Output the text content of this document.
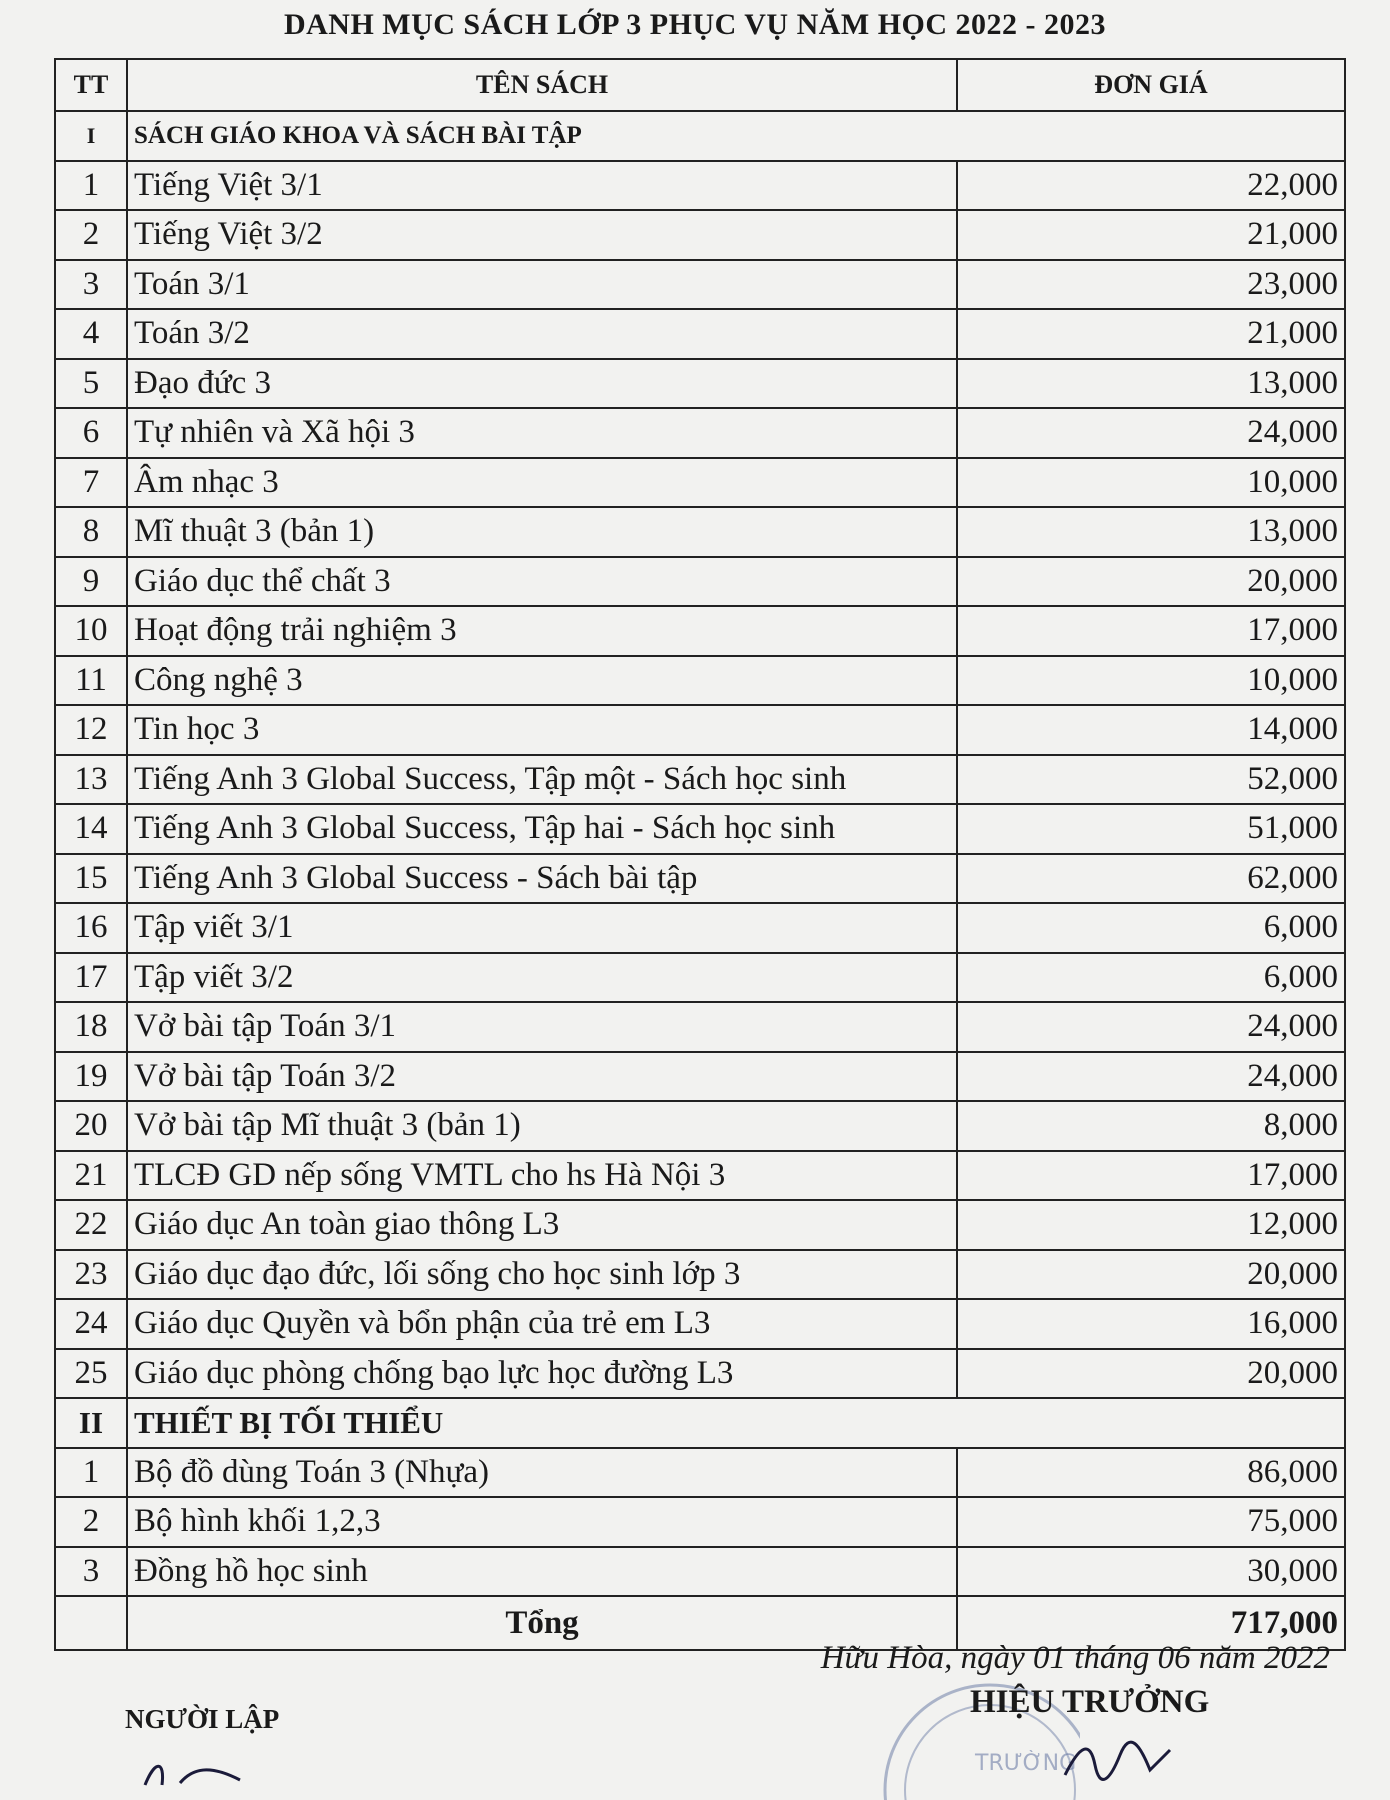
DANH MỤC SÁCH LỚP 3 PHỤC VỤ NĂM HỌC 2022 - 2023
TT	TÊN SÁCH	ĐƠN GIÁ
I	SÁCH GIÁO KHOA VÀ SÁCH BÀI TẬP	
1	Tiếng Việt 3/1	22,000
2	Tiếng Việt 3/2	21,000
3	Toán 3/1	23,000
4	Toán 3/2	21,000
5	Đạo đức 3	13,000
6	Tự nhiên và Xã hội 3	24,000
7	Âm nhạc 3	10,000
8	Mĩ thuật 3 (bản 1)	13,000
9	Giáo dục thể chất 3	20,000
10	Hoạt động trải nghiệm 3	17,000
11	Công nghệ 3	10,000
12	Tin học 3	14,000
13	Tiếng Anh 3 Global Success, Tập một - Sách học sinh	52,000
14	Tiếng Anh 3 Global Success, Tập hai - Sách học sinh	51,000
15	Tiếng Anh 3 Global Success - Sách bài tập	62,000
16	Tập viết 3/1	6,000
17	Tập viết 3/2	6,000
18	Vở bài tập Toán 3/1	24,000
19	Vở bài tập Toán 3/2	24,000
20	Vở bài tập Mĩ thuật 3 (bản 1)	8,000
21	TLCĐ GD nếp sống VMTL cho hs Hà Nội 3	17,000
22	Giáo dục An toàn giao thông L3	12,000
23	Giáo dục đạo đức, lối sống cho học sinh lớp 3	20,000
24	Giáo dục Quyền và bổn phận của trẻ em L3	16,000
25	Giáo dục phòng chống bạo lực học đường L3	20,000
II	THIẾT BỊ TỐI THIỂU	
1	Bộ đồ dùng Toán 3 (Nhựa)	86,000
2	Bộ hình khối 1,2,3	75,000
3	Đồng hồ học sinh	30,000
	Tổng	717,000
Hữu Hòa, ngày 01 tháng 06 năm 2022
NGƯỜI LẬP
TRƯỜNG
HIỆU TRƯỞNG
